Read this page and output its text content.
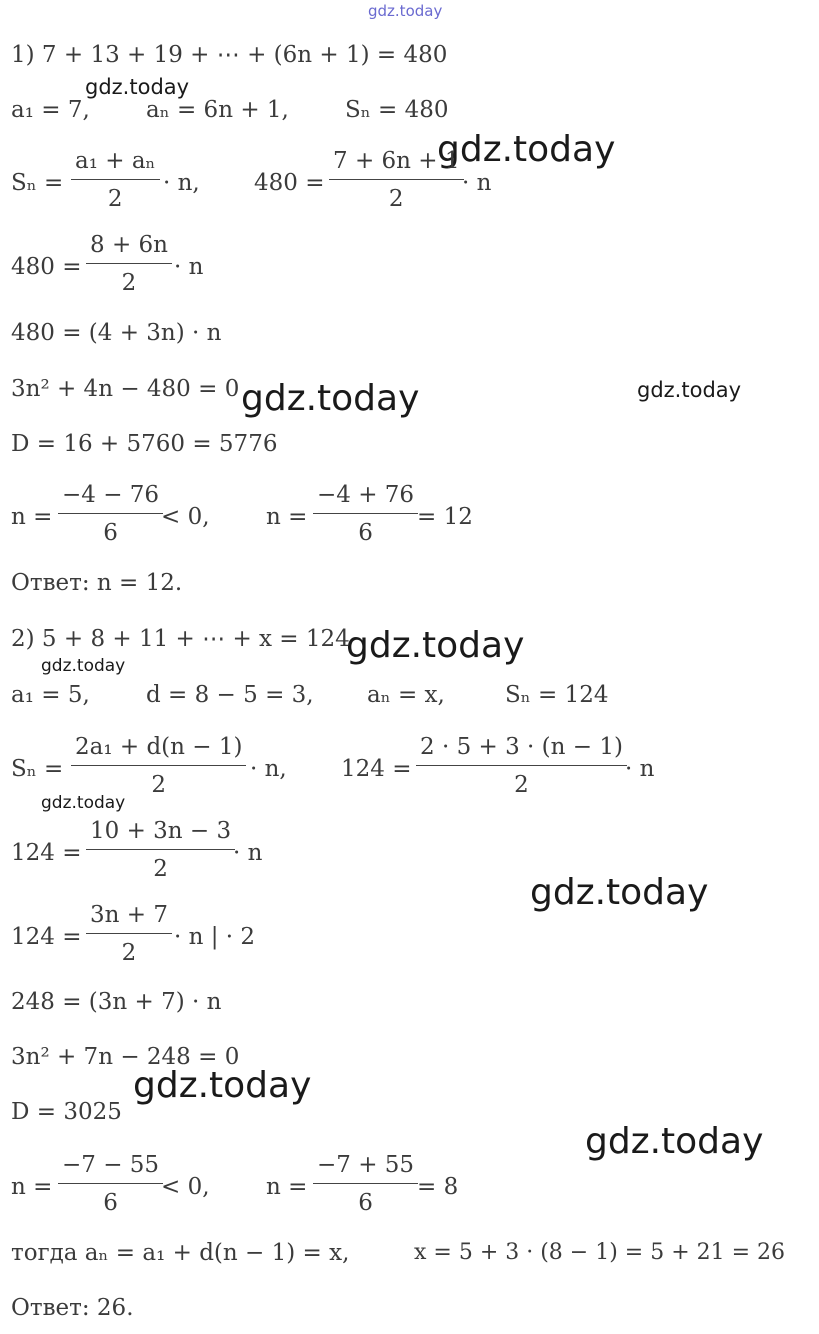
gdz.today
gdz.today
gdz.today
gdz.today	gdz.today
gdz.today
gdz.today
gdz.today
gdz.today
gdz.today
gdz.today
1) 7 + 13 + 19 + ⋯ + (6n + 1) = 480
a₁ = 7, aₙ = 6n + 1, Sₙ = 480
$S_n = \frac{\text{a₁ + aₙ}}{2} \cdot n$, $480 = \frac{7 + 6n + 1}{2}$
· n
$480 = \frac{8 + 6n}{2} \cdot n$
480 = (4 + 3n) · n
3n² + 4n − 480 = 0
D = 16 + 5760 = 5776
$n = \frac{-4 - 76}{6}$
< 0, $n = \frac{-4 + 76}{6}$
= 12
Ответ: n = 12.
2) 5 + 8 + 11 + ⋯ + x = 124
a₁ = 5, d = 8 − 5 = 3, aₙ = x,	Sₙ = 124
$S_n = \frac{\text{2a₁ + d(n − 1)}}{2} \cdot n$, $124 = \frac{2 \cdot 5 + 3 \cdot (n - 1)}{2}$
· n
$124 = \frac{10 + 3n - 3}{2}$
· n
$124 = \frac{3n + 7}{2} \cdot n$ | · 2
248 = (3n + 7) · n
3n² + 7n − 248 = 0
D = 3025
$n = \frac{-7 - 55}{6}$
< 0, $n = \frac{-7 + 55}{6}$
= 8
тогда aₙ = a₁ + d(n − 1) = x,	x = 5 + 3 · (8 − 1) = 5 + 21 = 26
Ответ: 26.
